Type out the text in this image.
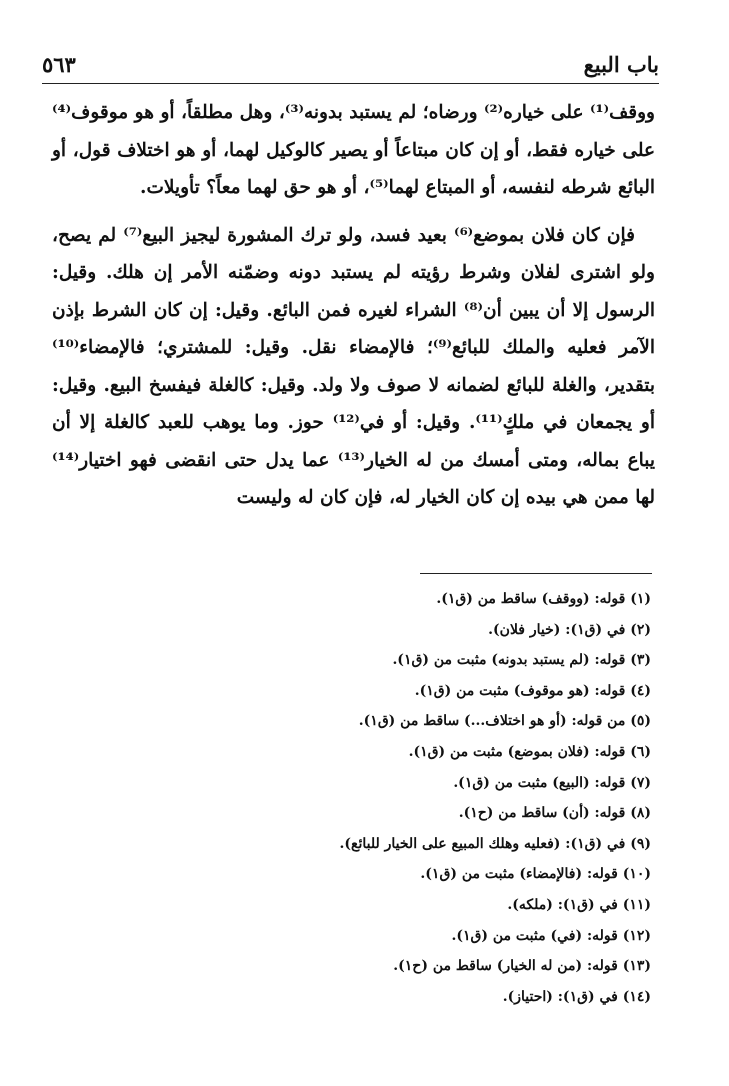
باب البيع
٥٦٣

ووقف⁽¹⁾ على خياره⁽²⁾ ورضاه؛ لم يستبد بدونه⁽³⁾، وهل مطلقاً، أو هو موقوف⁽⁴⁾ على خياره فقط، أو إن كان مبتاعاً أو يصير كالوكيل لهما، أو هو اختلاف قول، أو البائع شرطه لنفسه، أو المبتاع لهما⁽⁵⁾، أو هو حق لهما معاً؟ تأويلات.

فإن كان فلان بموضع⁽⁶⁾ بعيد فسد، ولو ترك المشورة ليجيز البيع⁽⁷⁾ لم يصح، ولو اشترى لفلان وشرط رؤيته لم يستبد دونه وضمّنه الأمر إن هلك. وقيل: الرسول إلا أن يبين أن⁽⁸⁾ الشراء لغيره فمن البائع. وقيل: إن كان الشرط بإذن الآمر فعليه والملك للبائع⁽⁹⁾؛ فالإمضاء نقل. وقيل: للمشتري؛ فالإمضاء⁽¹⁰⁾ بتقدير، والغلة للبائع لضمانه لا صوف ولا ولد. وقيل: كالغلة فيفسخ البيع. وقيل: أو يجمعان في ملكٍ⁽¹¹⁾. وقيل: أو في⁽¹²⁾ حوز. وما يوهب للعبد كالغلة إلا أن يباع بماله، ومتى أمسك من له الخيار⁽¹³⁾ عما يدل حتى انقضى فهو اختيار⁽¹⁴⁾ لها ممن هي بيده إن كان الخيار له، فإن كان له وليست

(١) قوله: (ووقف) ساقط من (ق١).
(٢) في (ق١): (خيار فلان).
(٣) قوله: (لم يستبد بدونه) مثبت من (ق١).
(٤) قوله: (هو موقوف) مثبت من (ق١).
(٥) من قوله: (أو هو اختلاف...) ساقط من (ق١).
(٦) قوله: (فلان بموضع) مثبت من (ق١).
(٧) قوله: (البيع) مثبت من (ق١).
(٨) قوله: (أن) ساقط من (ح١).
(٩) في (ق١): (فعليه وهلك المبيع على الخيار للبائع).
(١٠) قوله: (فالإمضاء) مثبت من (ق١).
(١١) في (ق١): (ملكه).
(١٢) قوله: (في) مثبت من (ق١).
(١٣) قوله: (من له الخيار) ساقط من (ح١).
(١٤) في (ق١): (احتياز).
